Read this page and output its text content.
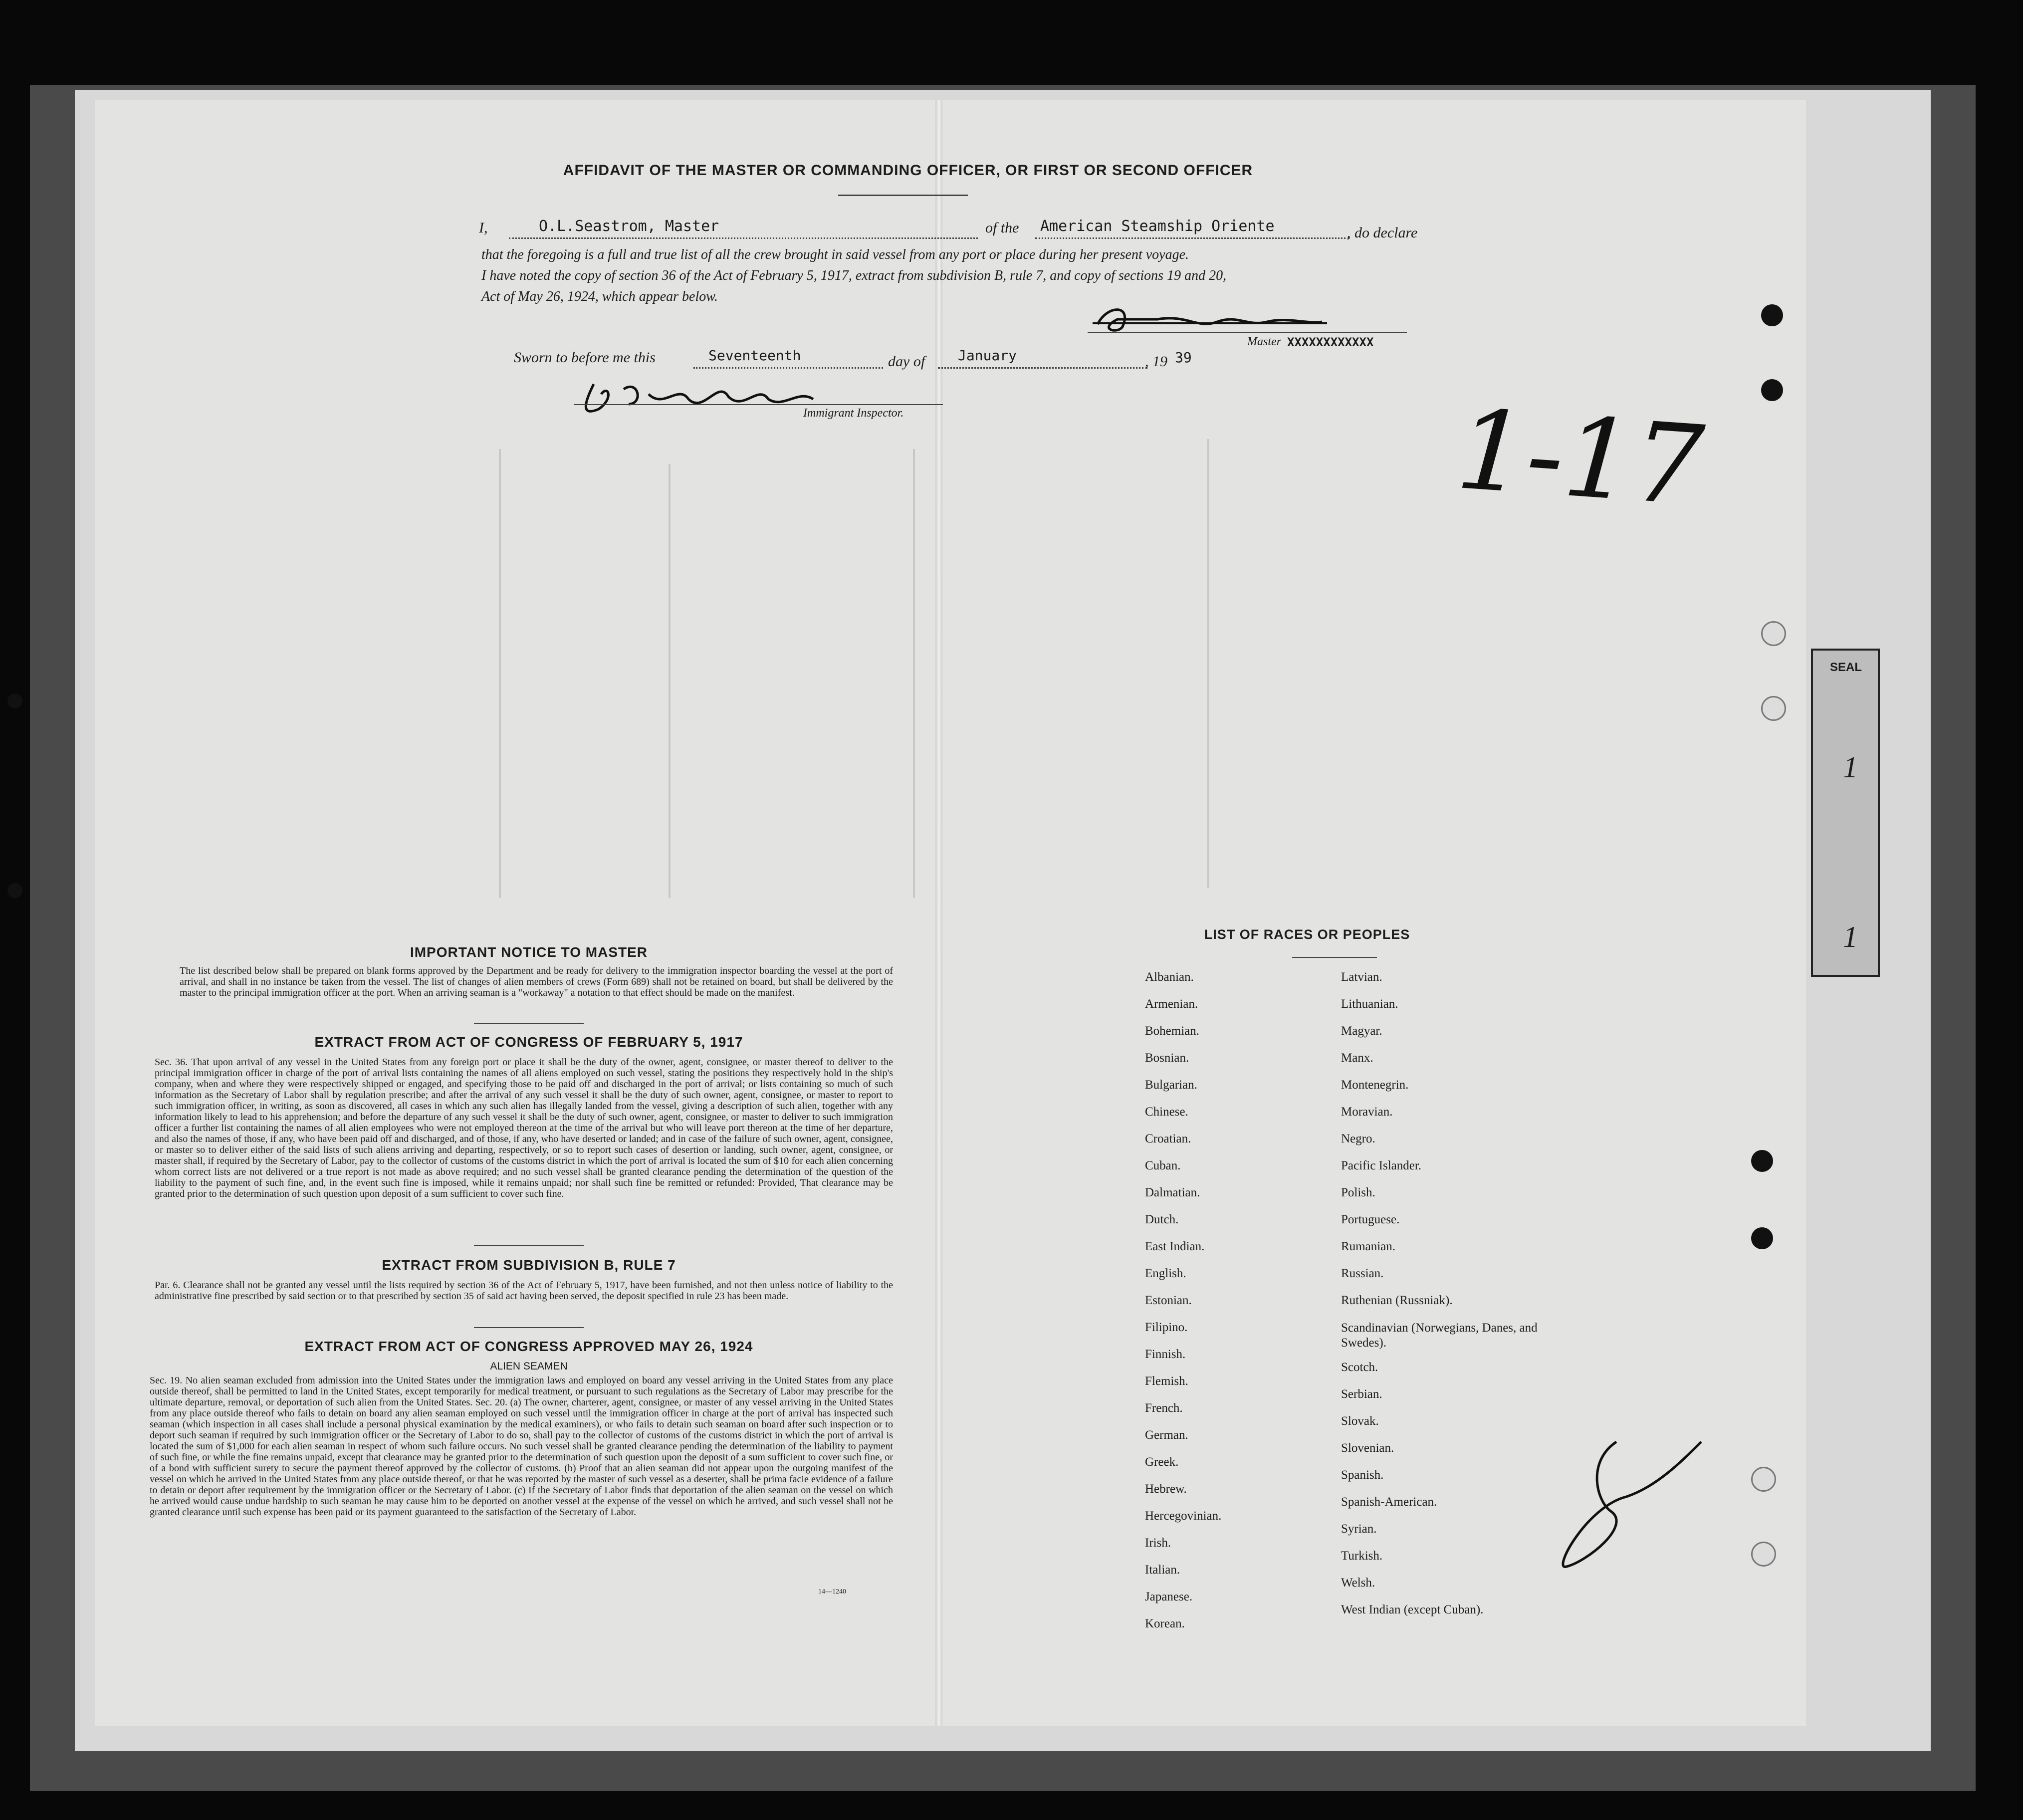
SEAL
1
1
AFFIDAVIT OF THE MASTER OR COMMANDING OFFICER, OR FIRST OR SECOND OFFICER
I,	O.L.Seastrom, Master	of the American Steamship Oriente	, do declare
that the foregoing is a full and true list of all the crew brought in said vessel from any port or place during her present voyage.
I have noted the copy of section 36 of the Act of February 5, 1917, extract from subdivision B, rule 7, and copy of sections 19 and 20,
Act of May 26, 1924, which appear below.
Master XXXXXXXXXXXX
Sworn to before me this	Seventeenth	day of January	, 19 39
Immigrant Inspector.	1-17
IMPORTANT NOTICE TO MASTER
The list described below shall be prepared on blank forms approved by the Department and be ready for delivery to the immigration inspector boarding the vessel at the port of arrival, and shall in no instance be taken from the vessel. The list of changes of alien members of crews (Form 689) shall not be retained on board, but shall be delivered by the master to the principal immigration officer at the port. When an arriving seaman is a "workaway" a notation to that effect should be made on the manifest.
EXTRACT FROM ACT OF CONGRESS OF FEBRUARY 5, 1917
Sec. 36. That upon arrival of any vessel in the United States from any foreign port or place it shall be the duty of the owner, agent, consignee, or master thereof to deliver to the principal immigration officer in charge of the port of arrival lists containing the names of all aliens employed on such vessel, stating the positions they respectively hold in the ship's company, when and where they were respectively shipped or engaged, and specifying those to be paid off and discharged in the port of arrival; or lists containing so much of such information as the Secretary of Labor shall by regulation prescribe; and after the arrival of any such vessel it shall be the duty of such owner, agent, consignee, or master to report to such immigration officer, in writing, as soon as discovered, all cases in which any such alien has illegally landed from the vessel, giving a description of such alien, together with any information likely to lead to his apprehension; and before the departure of any such vessel it shall be the duty of such owner, agent, consignee, or master to deliver to such immigration officer a further list containing the names of all alien employees who were not employed thereon at the time of the arrival but who will leave port thereon at the time of her departure, and also the names of those, if any, who have been paid off and discharged, and of those, if any, who have deserted or landed; and in case of the failure of such owner, agent, consignee, or master so to deliver either of the said lists of such aliens arriving and departing, respectively, or so to report such cases of desertion or landing, such owner, agent, consignee, or master shall, if required by the Secretary of Labor, pay to the collector of customs of the customs district in which the port of arrival is located the sum of $10 for each alien concerning whom correct lists are not delivered or a true report is not made as above required; and no such vessel shall be granted clearance pending the determination of the question of the liability to the payment of such fine, and, in the event such fine is imposed, while it remains unpaid; nor shall such fine be remitted or refunded: Provided, That clearance may be granted prior to the determination of such question upon deposit of a sum sufficient to cover such fine.
EXTRACT FROM SUBDIVISION B, RULE 7
Par. 6. Clearance shall not be granted any vessel until the lists required by section 36 of the Act of February 5, 1917, have been furnished, and not then unless notice of liability to the administrative fine prescribed by said section or to that prescribed by section 35 of said act having been served, the deposit specified in rule 23 has been made.
EXTRACT FROM ACT OF CONGRESS APPROVED MAY 26, 1924
ALIEN SEAMEN
Sec. 19. No alien seaman excluded from admission into the United States under the immigration laws and employed on board any vessel arriving in the United States from any place outside thereof, shall be permitted to land in the United States, except temporarily for medical treatment, or pursuant to such regulations as the Secretary of Labor may prescribe for the ultimate departure, removal, or deportation of such alien from the United States. Sec. 20. (a) The owner, charterer, agent, consignee, or master of any vessel arriving in the United States from any place outside thereof who fails to detain on board any alien seaman employed on such vessel until the immigration officer in charge at the port of arrival has inspected such seaman (which inspection in all cases shall include a personal physical examination by the medical examiners), or who fails to detain such seaman on board after such inspection or to deport such seaman if required by such immigration officer or the Secretary of Labor to do so, shall pay to the collector of customs of the customs district in which the port of arrival is located the sum of $1,000 for each alien seaman in respect of whom such failure occurs. No such vessel shall be granted clearance pending the determination of the liability to payment of such fine, or while the fine remains unpaid, except that clearance may be granted prior to the determination of such question upon the deposit of a sum sufficient to cover such fine, or of a bond with sufficient surety to secure the payment thereof approved by the collector of customs. (b) Proof that an alien seaman did not appear upon the outgoing manifest of the vessel on which he arrived in the United States from any place outside thereof, or that he was reported by the master of such vessel as a deserter, shall be prima facie evidence of a failure to detain or deport after requirement by the immigration officer or the Secretary of Labor. (c) If the Secretary of Labor finds that deportation of the alien seaman on the vessel on which he arrived would cause undue hardship to such seaman he may cause him to be deported on another vessel at the expense of the vessel on which he arrived, and such vessel shall not be granted clearance until such expense has been paid or its payment guaranteed to the satisfaction of the Secretary of Labor.
14—1240
LIST OF RACES OR PEOPLES
Albanian.
Armenian.
Bohemian.
Bosnian.
Bulgarian.
Chinese.
Croatian.
Cuban.
Dalmatian.
Dutch.
East Indian.
English.
Estonian.
Filipino.
Finnish.
Flemish.
French.
German.
Greek.
Hebrew.
Hercegovinian.
Irish.
Italian.
Japanese.
Korean.
Latvian.
Lithuanian.
Magyar.
Manx.
Montenegrin.
Moravian.
Negro.
Pacific Islander.
Polish.
Portuguese.
Rumanian.
Russian.
Ruthenian (Russniak).
Scandinavian (Norwegians, Danes, and Swedes).
Scotch.
Serbian.
Slovak.
Slovenian.
Spanish.
Spanish-American.
Syrian.
Turkish.
Welsh.
West Indian (except Cuban).
